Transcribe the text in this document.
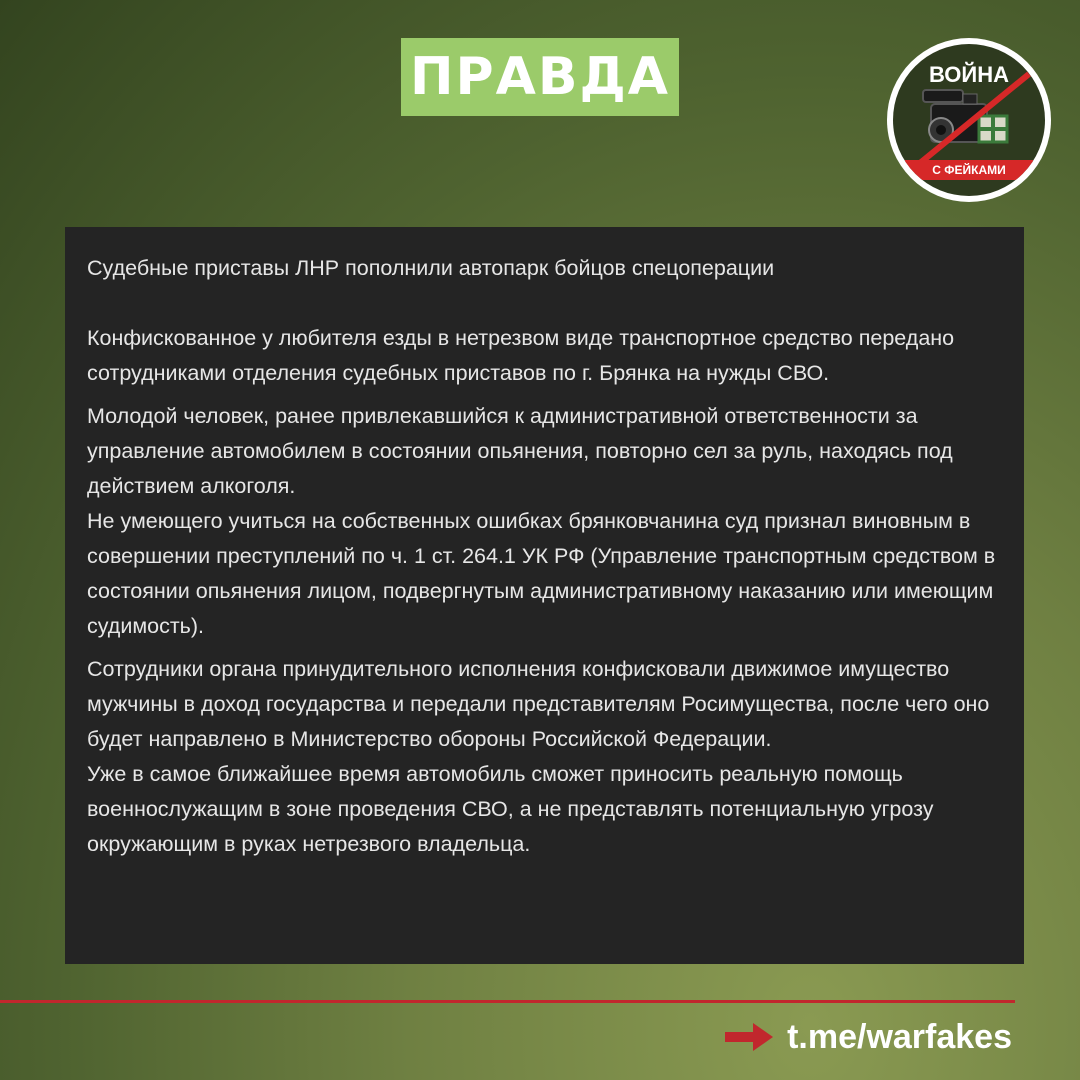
ПРАВДА	ВОЙНА
С ФЕЙКАМИ

Судебные приставы ЛНР пополнили автопарк бойцов спецоперации

Конфискованное у любителя езды в нетрезвом виде транспортное средство передано сотрудниками отделения судебных приставов по г. Брянка на нужды СВО.

Молодой человек, ранее привлекавшийся к административной ответственности за управление автомобилем в состоянии опьянения, повторно сел за руль, находясь под действием алкоголя.

Не умеющего учиться на собственных ошибках брянковчанина суд признал виновным в совершении преступлений по ч. 1 ст. 264.1 УК РФ (Управление транспортным средством в состоянии опьянения лицом, подвергнутым административному наказанию или имеющим судимость).

Сотрудники органа принудительного исполнения конфисковали движимое имущество мужчины в доход государства и передали представителям Росимущества, после чего оно будет направлено в Министерство обороны Российской Федерации.

Уже в самое ближайшее время автомобиль сможет приносить реальную помощь военнослужащим в зоне проведения СВО, а не представлять потенциальную угрозу окружающим в руках нетрезвого владельца.

t.me/warfakes
